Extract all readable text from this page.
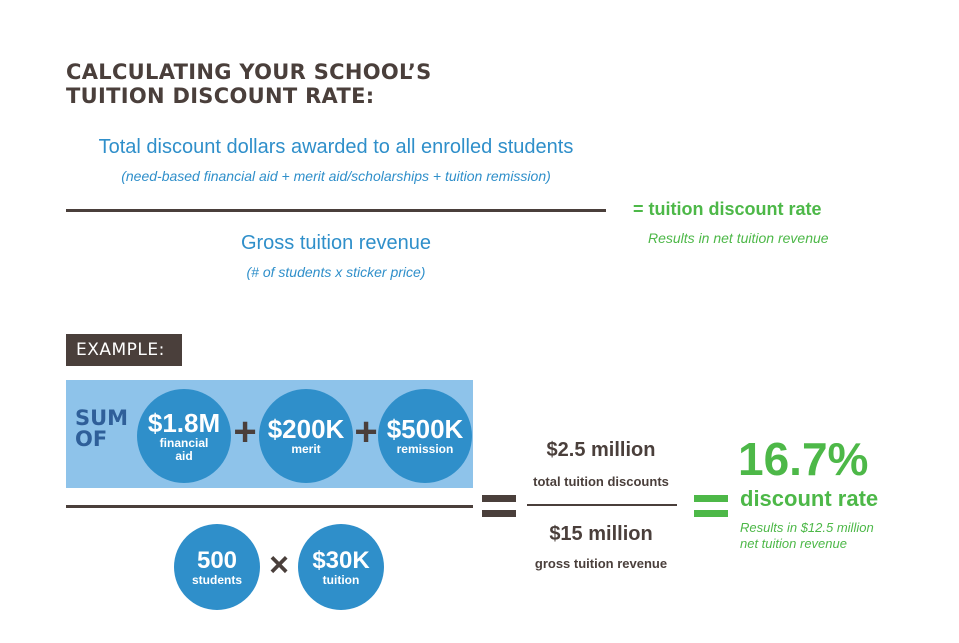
CALCULATING YOUR SCHOOL’S
TUITION DISCOUNT RATE:
Total discount dollars awarded to all enrolled students
(need-based financial aid + merit aid/scholarships + tuition remission)
Gross tuition revenue
(# of students x sticker price)
= tuition discount rate
Results in net tuition revenue
EXAMPLE:
SUM
OF
$1.8M
financial
aid
+ $200K
merit + $500K
remission
500
students × $30K
tuition
$2.5 million
total tuition discounts
$15 million
gross tuition revenue
16.7%
discount rate
Results in $12.5 million
net tuition revenue
